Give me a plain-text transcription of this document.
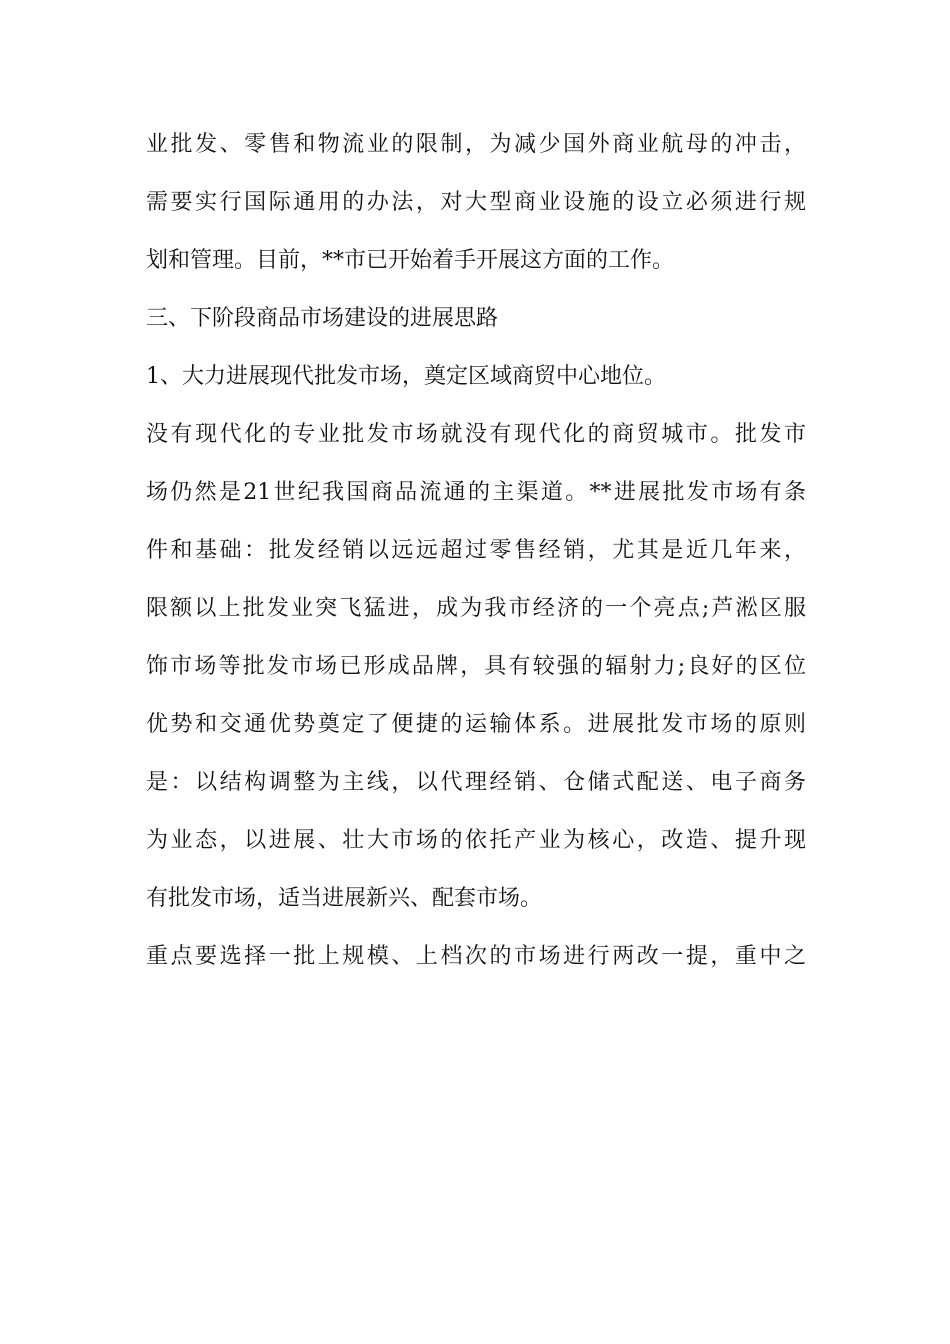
业批发、零售和物流业的限制，为减少国外商业航母的冲击，
需要实行国际通用的办法，对大型商业设施的设立必须进行规
划和管理。目前，**市已开始着手开展这方面的工作。
三、下阶段商品市场建设的进展思路
1、大力进展现代批发市场，奠定区域商贸中心地位。
没有现代化的专业批发市场就没有现代化的商贸城市。批发市
场仍然是21世纪我国商品流通的主渠道。**进展批发市场有条
件和基础：批发经销以远远超过零售经销，尤其是近几年来，
限额以上批发业突飞猛进，成为我市经济的一个亮点;芦淞区服
饰市场等批发市场已形成品牌，具有较强的辐射力;良好的区位
优势和交通优势奠定了便捷的运输体系。进展批发市场的原则
是：以结构调整为主线，以代理经销、仓储式配送、电子商务
为业态，以进展、壮大市场的依托产业为核心，改造、提升现
有批发市场，适当进展新兴、配套市场。
重点要选择一批上规模、上档次的市场进行两改一提，重中之
